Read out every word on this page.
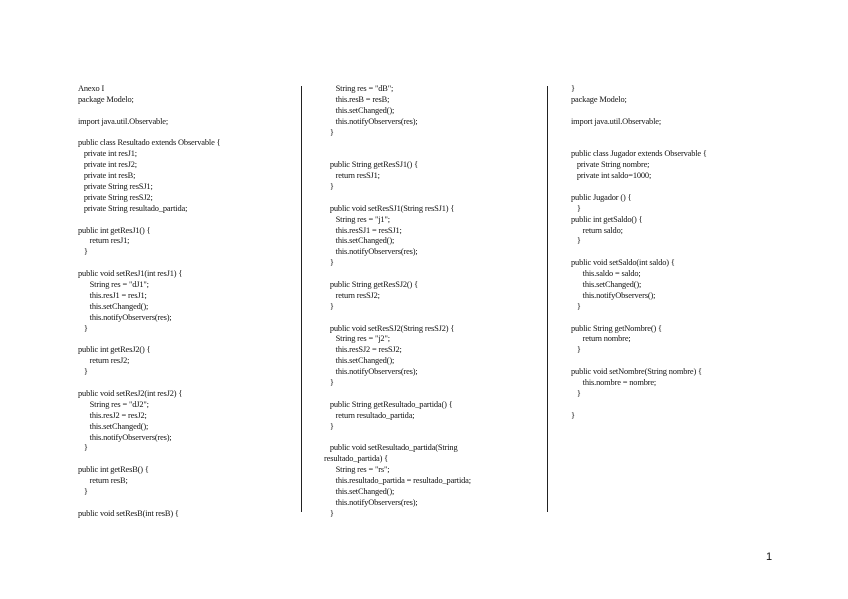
Anexo I
package Modelo;
import java.util.Observable;
public class Resultado extends Observable {
private int resJ1;
private int resJ2;
private int resB;
private String resSJ1;
private String resSJ2;
private String resultado_partida;
public int getResJ1() {
return resJ1;
}
public void setResJ1(int resJ1) {
String res = "dJ1";
this.resJ1 = resJ1;
this.setChanged();
this.notifyObservers(res);
}
public int getResJ2() {
return resJ2;
}
public void setResJ2(int resJ2) {
String res = "dJ2";
this.resJ2 = resJ2;
this.setChanged();
this.notifyObservers(res);
}
public int getResB() {
return resB;
}
public void setResB(int resB) {
String res = "dB";
this.resB = resB;
this.setChanged();
this.notifyObservers(res);
}
public String getResSJ1() {
return resSJ1;
}
public void setResSJ1(String resSJ1) {
String res = "j1";
this.resSJ1 = resSJ1;
this.setChanged();
this.notifyObservers(res);
}
public String getResSJ2() {
return resSJ2;
}
public void setResSJ2(String resSJ2) {
String res = "j2";
this.resSJ2 = resSJ2;
this.setChanged();
this.notifyObservers(res);
}
public String getResultado_partida() {
return resultado_partida;
}
public void setResultado_partida(String
resultado_partida) {
String res = "rs";
this.resultado_partida = resultado_partida;
this.setChanged();
this.notifyObservers(res);
}
}
package Modelo;
import java.util.Observable;
public class Jugador extends Observable {
private String nombre;
private int saldo=1000;
public Jugador () {
}
public int getSaldo() {
return saldo;
}
public void setSaldo(int saldo) {
this.saldo = saldo;
this.setChanged();
this.notifyObservers();
}
public String getNombre() {
return nombre;
}
public void setNombre(String nombre) {
this.nombre = nombre;
}
}
1
